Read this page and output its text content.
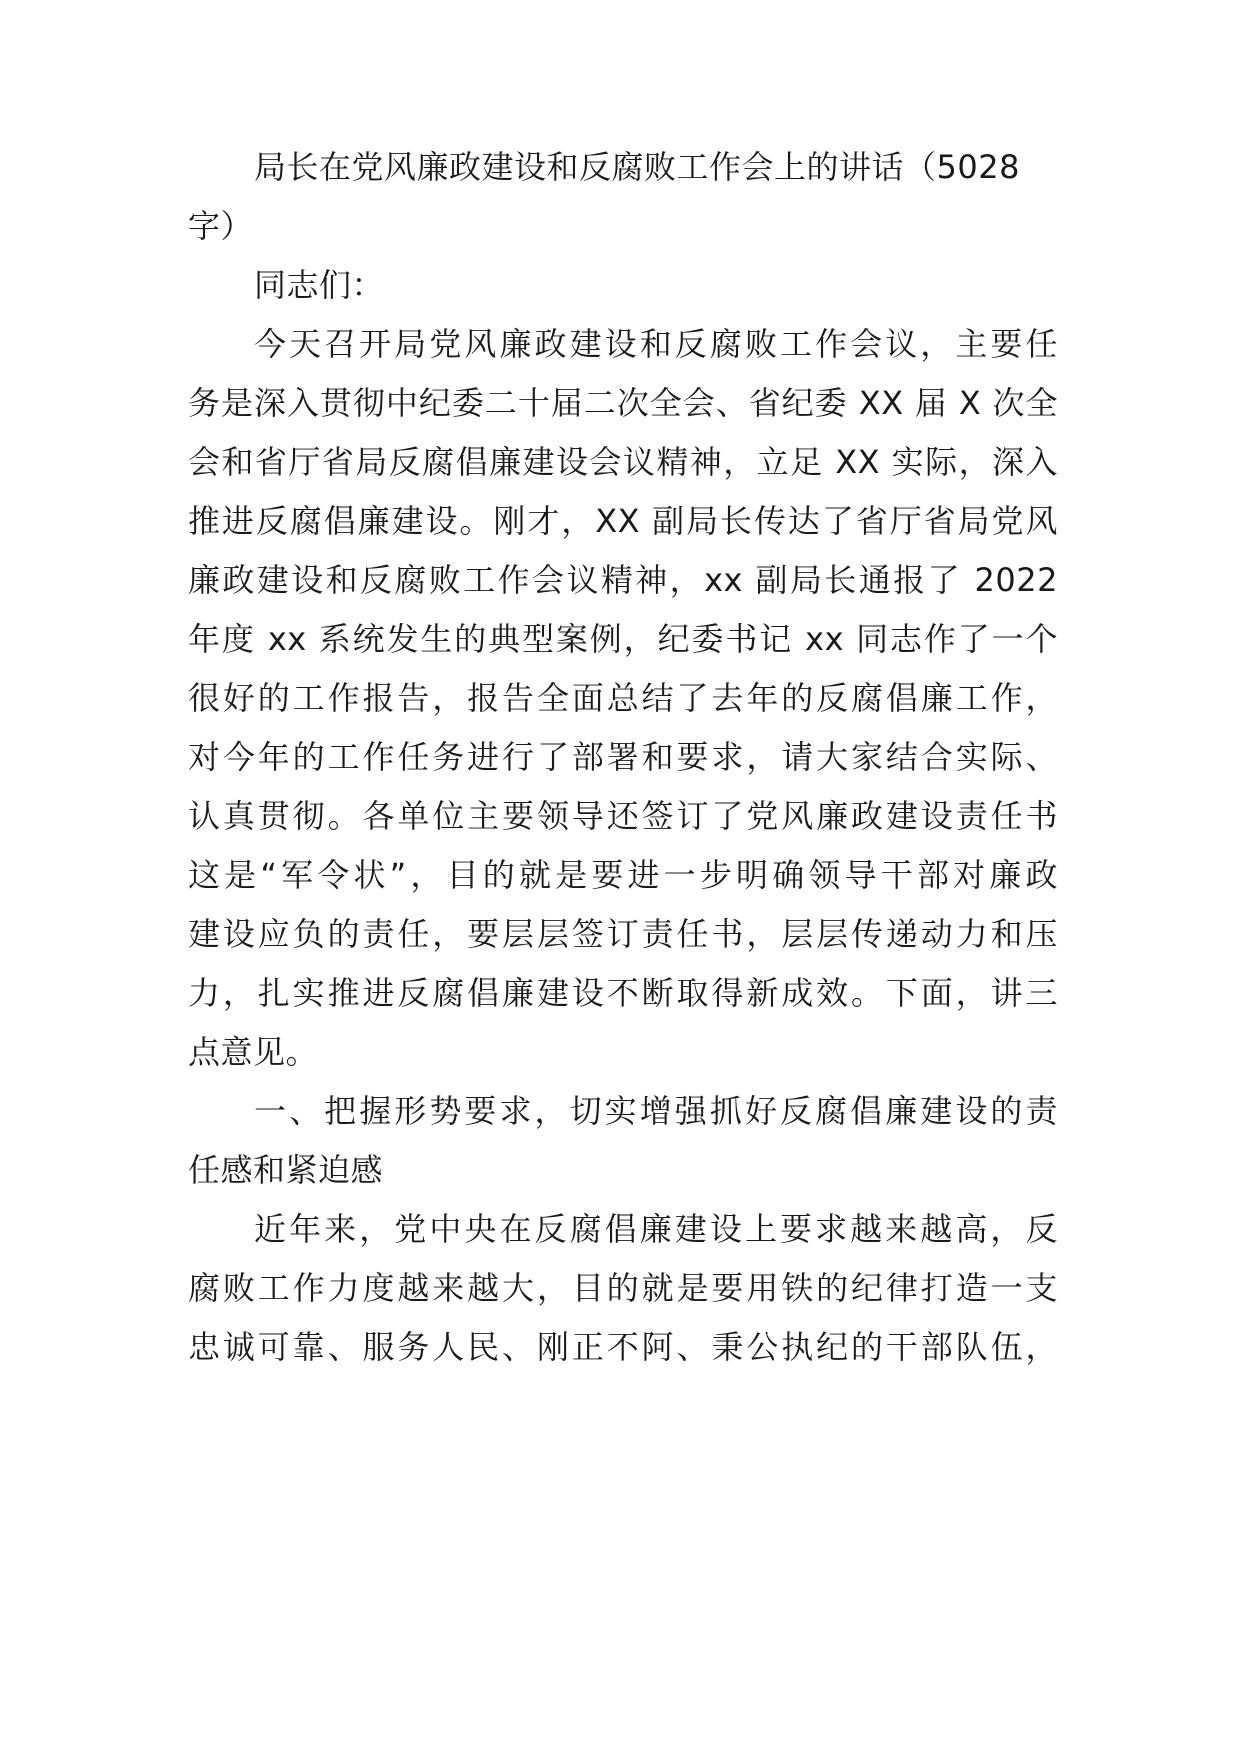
局长在党风廉政建设和反腐败工作会上的讲话（5028
字）
同志们：
今天召开局党风廉政建设和反腐败工作会议，主要任
务是深入贯彻中纪委二十届二次全会、省纪委 XX 届 X 次全
会和省厅省局反腐倡廉建设会议精神，立足 XX 实际，深入
推进反腐倡廉建设。刚才，XX 副局长传达了省厅省局党风
廉政建设和反腐败工作会议精神，xx 副局长通报了 2022
年度 xx 系统发生的典型案例，纪委书记 xx 同志作了一个
很好的工作报告，报告全面总结了去年的反腐倡廉工作，
对今年的工作任务进行了部署和要求，请大家结合实际、
认真贯彻。各单位主要领导还签订了党风廉政建设责任书
这是“军令状”，目的就是要进一步明确领导干部对廉政
建设应负的责任，要层层签订责任书，层层传递动力和压
力，扎实推进反腐倡廉建设不断取得新成效。下面，讲三
点意见。
一、把握形势要求，切实增强抓好反腐倡廉建设的责
任感和紧迫感
近年来，党中央在反腐倡廉建设上要求越来越高，反
腐败工作力度越来越大，目的就是要用铁的纪律打造一支
忠诚可靠、服务人民、刚正不阿、秉公执纪的干部队伍，
